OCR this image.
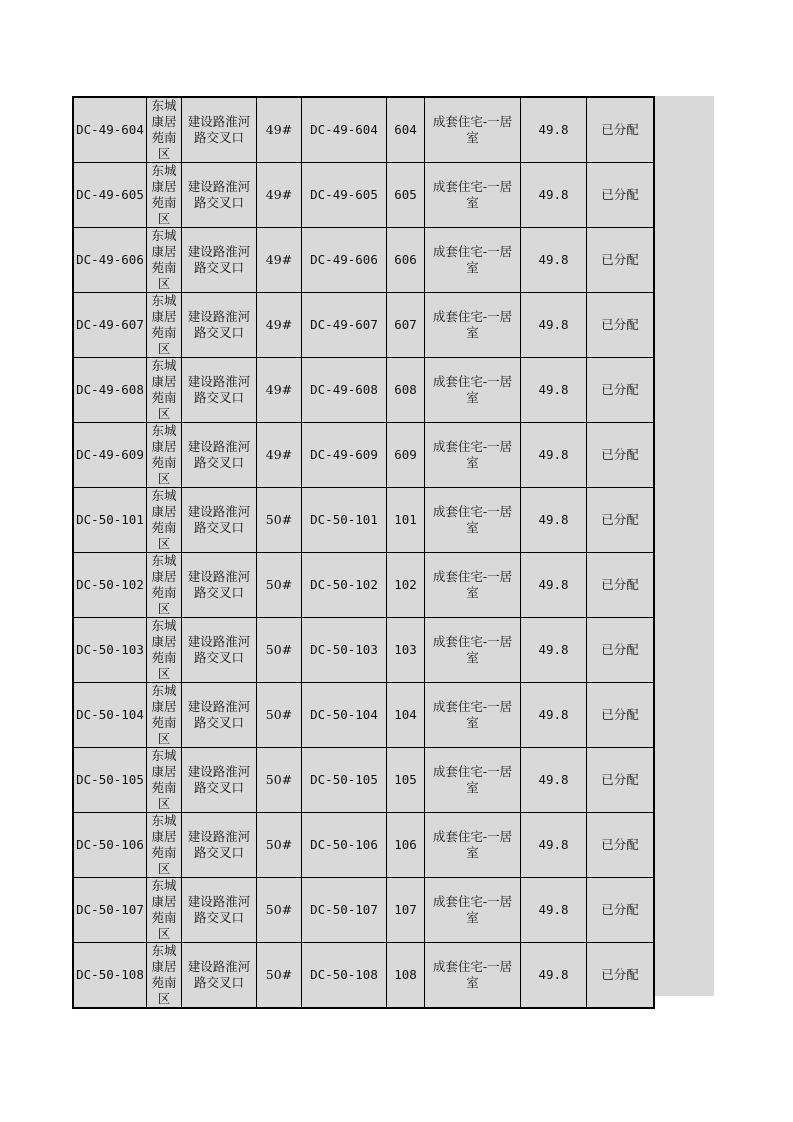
DC-49-604	东城康居苑南区	建设路淮河路交叉口	49#	DC-49-604	604	成套住宅-一居室	49.8	已分配
DC-49-605	东城康居苑南区	建设路淮河路交叉口	49#	DC-49-605	605	成套住宅-一居室	49.8	已分配
DC-49-606	东城康居苑南区	建设路淮河路交叉口	49#	DC-49-606	606	成套住宅-一居室	49.8	已分配
DC-49-607	东城康居苑南区	建设路淮河路交叉口	49#	DC-49-607	607	成套住宅-一居室	49.8	已分配
DC-49-608	东城康居苑南区	建设路淮河路交叉口	49#	DC-49-608	608	成套住宅-一居室	49.8	已分配
DC-49-609	东城康居苑南区	建设路淮河路交叉口	49#	DC-49-609	609	成套住宅-一居室	49.8	已分配
DC-50-101	东城康居苑南区	建设路淮河路交叉口	50#	DC-50-101	101	成套住宅-一居室	49.8	已分配
DC-50-102	东城康居苑南区	建设路淮河路交叉口	50#	DC-50-102	102	成套住宅-一居室	49.8	已分配
DC-50-103	东城康居苑南区	建设路淮河路交叉口	50#	DC-50-103	103	成套住宅-一居室	49.8	已分配
DC-50-104	东城康居苑南区	建设路淮河路交叉口	50#	DC-50-104	104	成套住宅-一居室	49.8	已分配
DC-50-105	东城康居苑南区	建设路淮河路交叉口	50#	DC-50-105	105	成套住宅-一居室	49.8	已分配
DC-50-106	东城康居苑南区	建设路淮河路交叉口	50#	DC-50-106	106	成套住宅-一居室	49.8	已分配
DC-50-107	东城康居苑南区	建设路淮河路交叉口	50#	DC-50-107	107	成套住宅-一居室	49.8	已分配
DC-50-108	东城康居苑南区	建设路淮河路交叉口	50#	DC-50-108	108	成套住宅-一居室	49.8	已分配
